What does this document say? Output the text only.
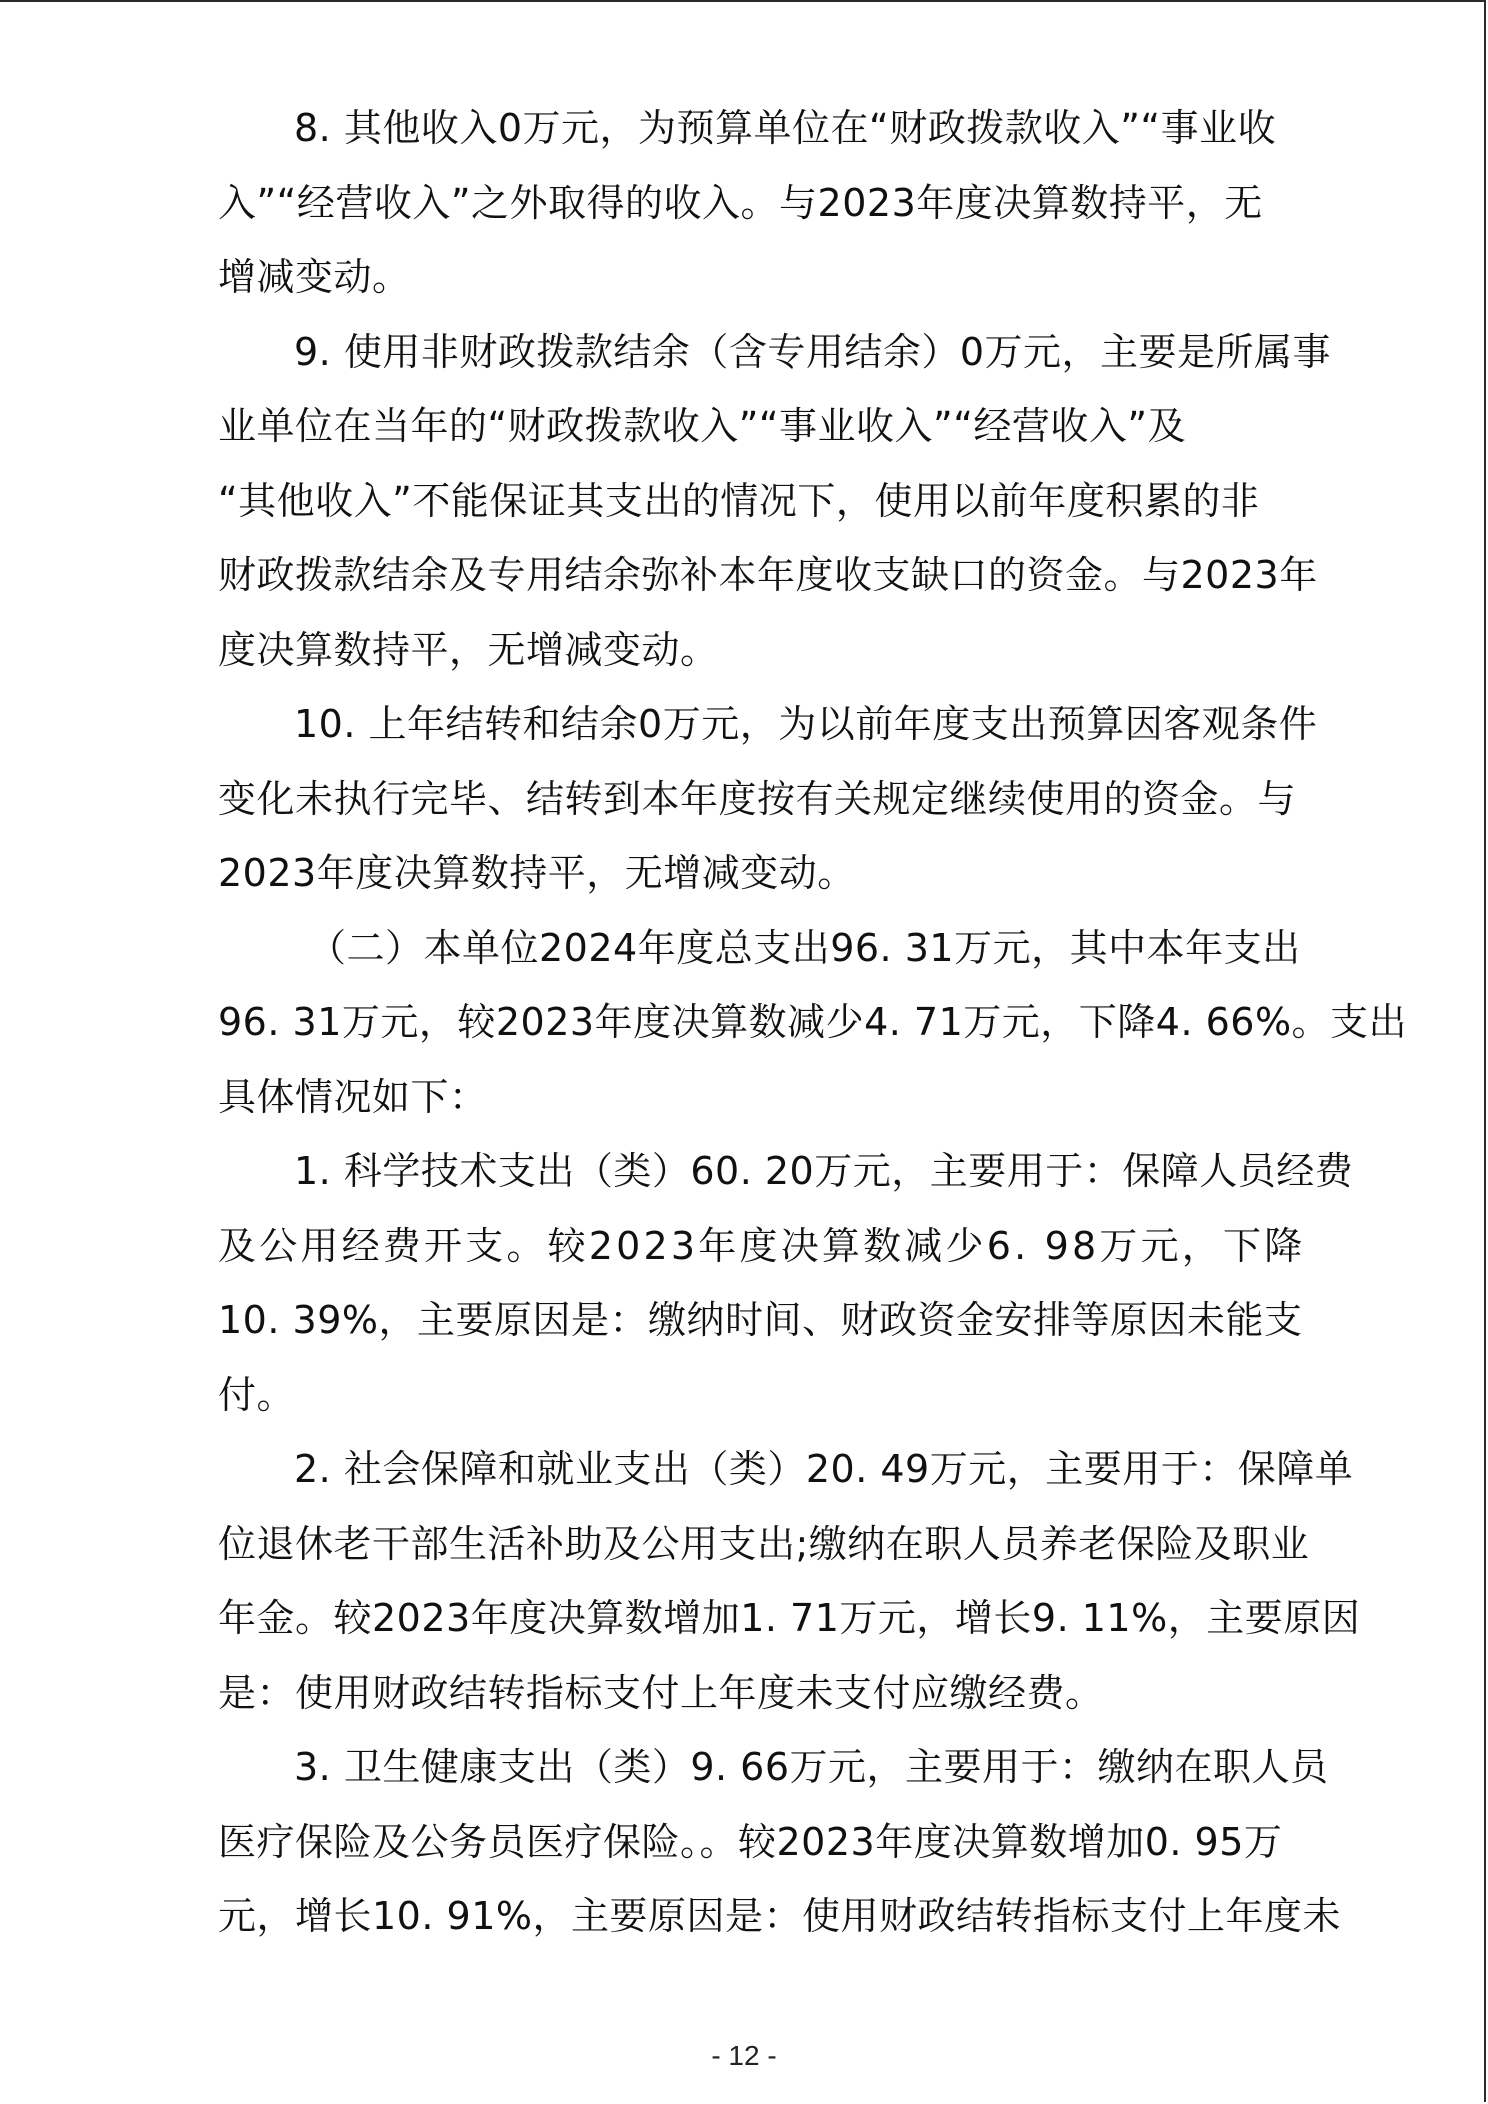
8. 其他收入0万元，为预算单位在“财政拨款收入”“事业收
入”“经营收入”之外取得的收入。与2023年度决算数持平，无
增减变动。

9. 使用非财政拨款结余（含专用结余）0万元，主要是所属事
业单位在当年的“财政拨款收入”“事业收入”“经营收入”及
“其他收入”不能保证其支出的情况下，使用以前年度积累的非
财政拨款结余及专用结余弥补本年度收支缺口的资金。与2023年
度决算数持平，无增减变动。

10. 上年结转和结余0万元，为以前年度支出预算因客观条件
变化未执行完毕、结转到本年度按有关规定继续使用的资金。与
2023年度决算数持平，无增减变动。

（二）本单位2024年度总支出96. 31万元，其中本年支出
96. 31万元，较2023年度决算数减少4. 71万元，下降4. 66%。支出
具体情况如下：

1. 科学技术支出（类）60. 20万元，主要用于：保障人员经费
及公用经费开支。较2023年度决算数减少6. 98万元，下降
10. 39%，主要原因是：缴纳时间、财政资金安排等原因未能支
付。

2. 社会保障和就业支出（类）20. 49万元，主要用于：保障单
位退休老干部生活补助及公用支出;缴纳在职人员养老保险及职业
年金。较2023年度决算数增加1. 71万元，增长9. 11%，主要原因
是：使用财政结转指标支付上年度未支付应缴经费。

3. 卫生健康支出（类）9. 66万元，主要用于：缴纳在职人员
医疗保险及公务员医疗保险。。较2023年度决算数增加0. 95万
元，增长10. 91%，主要原因是：使用财政结转指标支付上年度未

- 12 -
